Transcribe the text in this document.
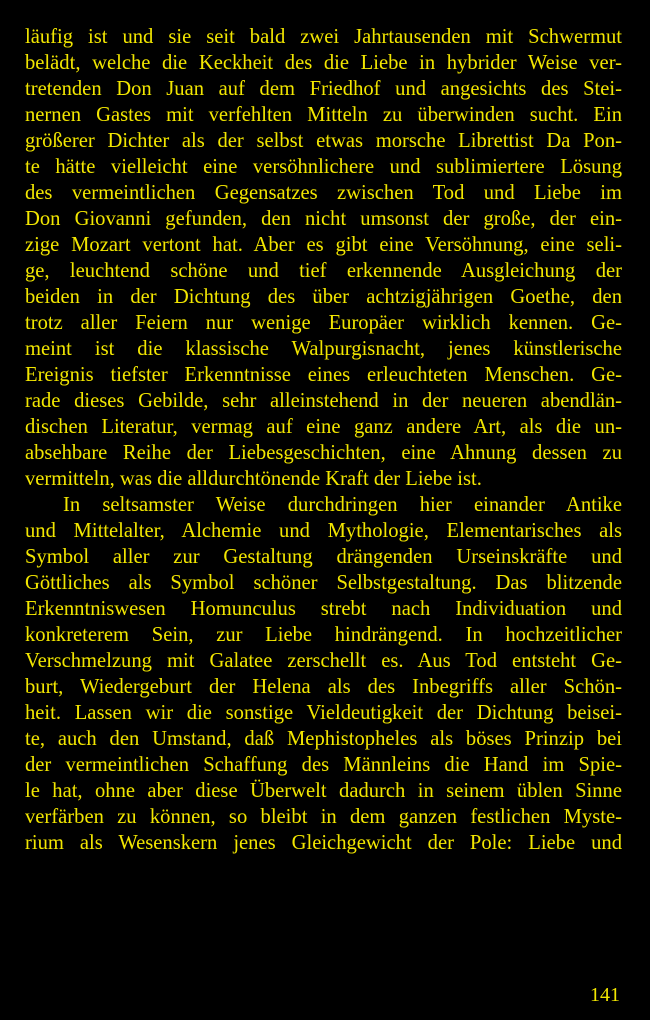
läufig ist und sie seit bald zwei Jahrtausenden mit Schwermut
belädt, welche die Keckheit des die Liebe in hybrider Weise ver-
tretenden Don Juan auf dem Friedhof und angesichts des Stei-
nernen Gastes mit verfehlten Mitteln zu überwinden sucht. Ein
größerer Dichter als der selbst etwas morsche Librettist Da Pon-
te hätte vielleicht eine versöhnlichere und sublimiertere Lösung
des vermeintlichen Gegensatzes zwischen Tod und Liebe im
Don Giovanni gefunden, den nicht umsonst der große, der ein-
zige Mozart vertont hat. Aber es gibt eine Versöhnung, eine seli-
ge, leuchtend schöne und tief erkennende Ausgleichung der
beiden in der Dichtung des über achtzigjährigen Goethe, den
trotz aller Feiern nur wenige Europäer wirklich kennen. Ge-
meint ist die klassische Walpurgisnacht, jenes künstlerische
Ereignis tiefster Erkenntnisse eines erleuchteten Menschen. Ge-
rade dieses Gebilde, sehr alleinstehend in der neueren abendlän-
dischen Literatur, vermag auf eine ganz andere Art, als die un-
absehbare Reihe der Liebesgeschichten, eine Ahnung dessen zu
vermitteln, was die alldurchtönende Kraft der Liebe ist.
In seltsamster Weise durchdringen hier einander Antike
und Mittelalter, Alchemie und Mythologie, Elementarisches als
Symbol aller zur Gestaltung drängenden Urseinskräfte und
Göttliches als Symbol schöner Selbstgestaltung. Das blitzende
Erkenntniswesen Homunculus strebt nach Individuation und
konkreterem Sein, zur Liebe hindrängend. In hochzeitlicher
Verschmelzung mit Galatee zerschellt es. Aus Tod entsteht Ge-
burt, Wiedergeburt der Helena als des Inbegriffs aller Schön-
heit. Lassen wir die sonstige Vieldeutigkeit der Dichtung beisei-
te, auch den Umstand, daß Mephistopheles als böses Prinzip bei
der vermeintlichen Schaffung des Männleins die Hand im Spie-
le hat, ohne aber diese Überwelt dadurch in seinem üblen Sinne
verfärben zu können, so bleibt in dem ganzen festlichen Myste-
rium als Wesenskern jenes Gleichgewicht der Pole: Liebe und
141
